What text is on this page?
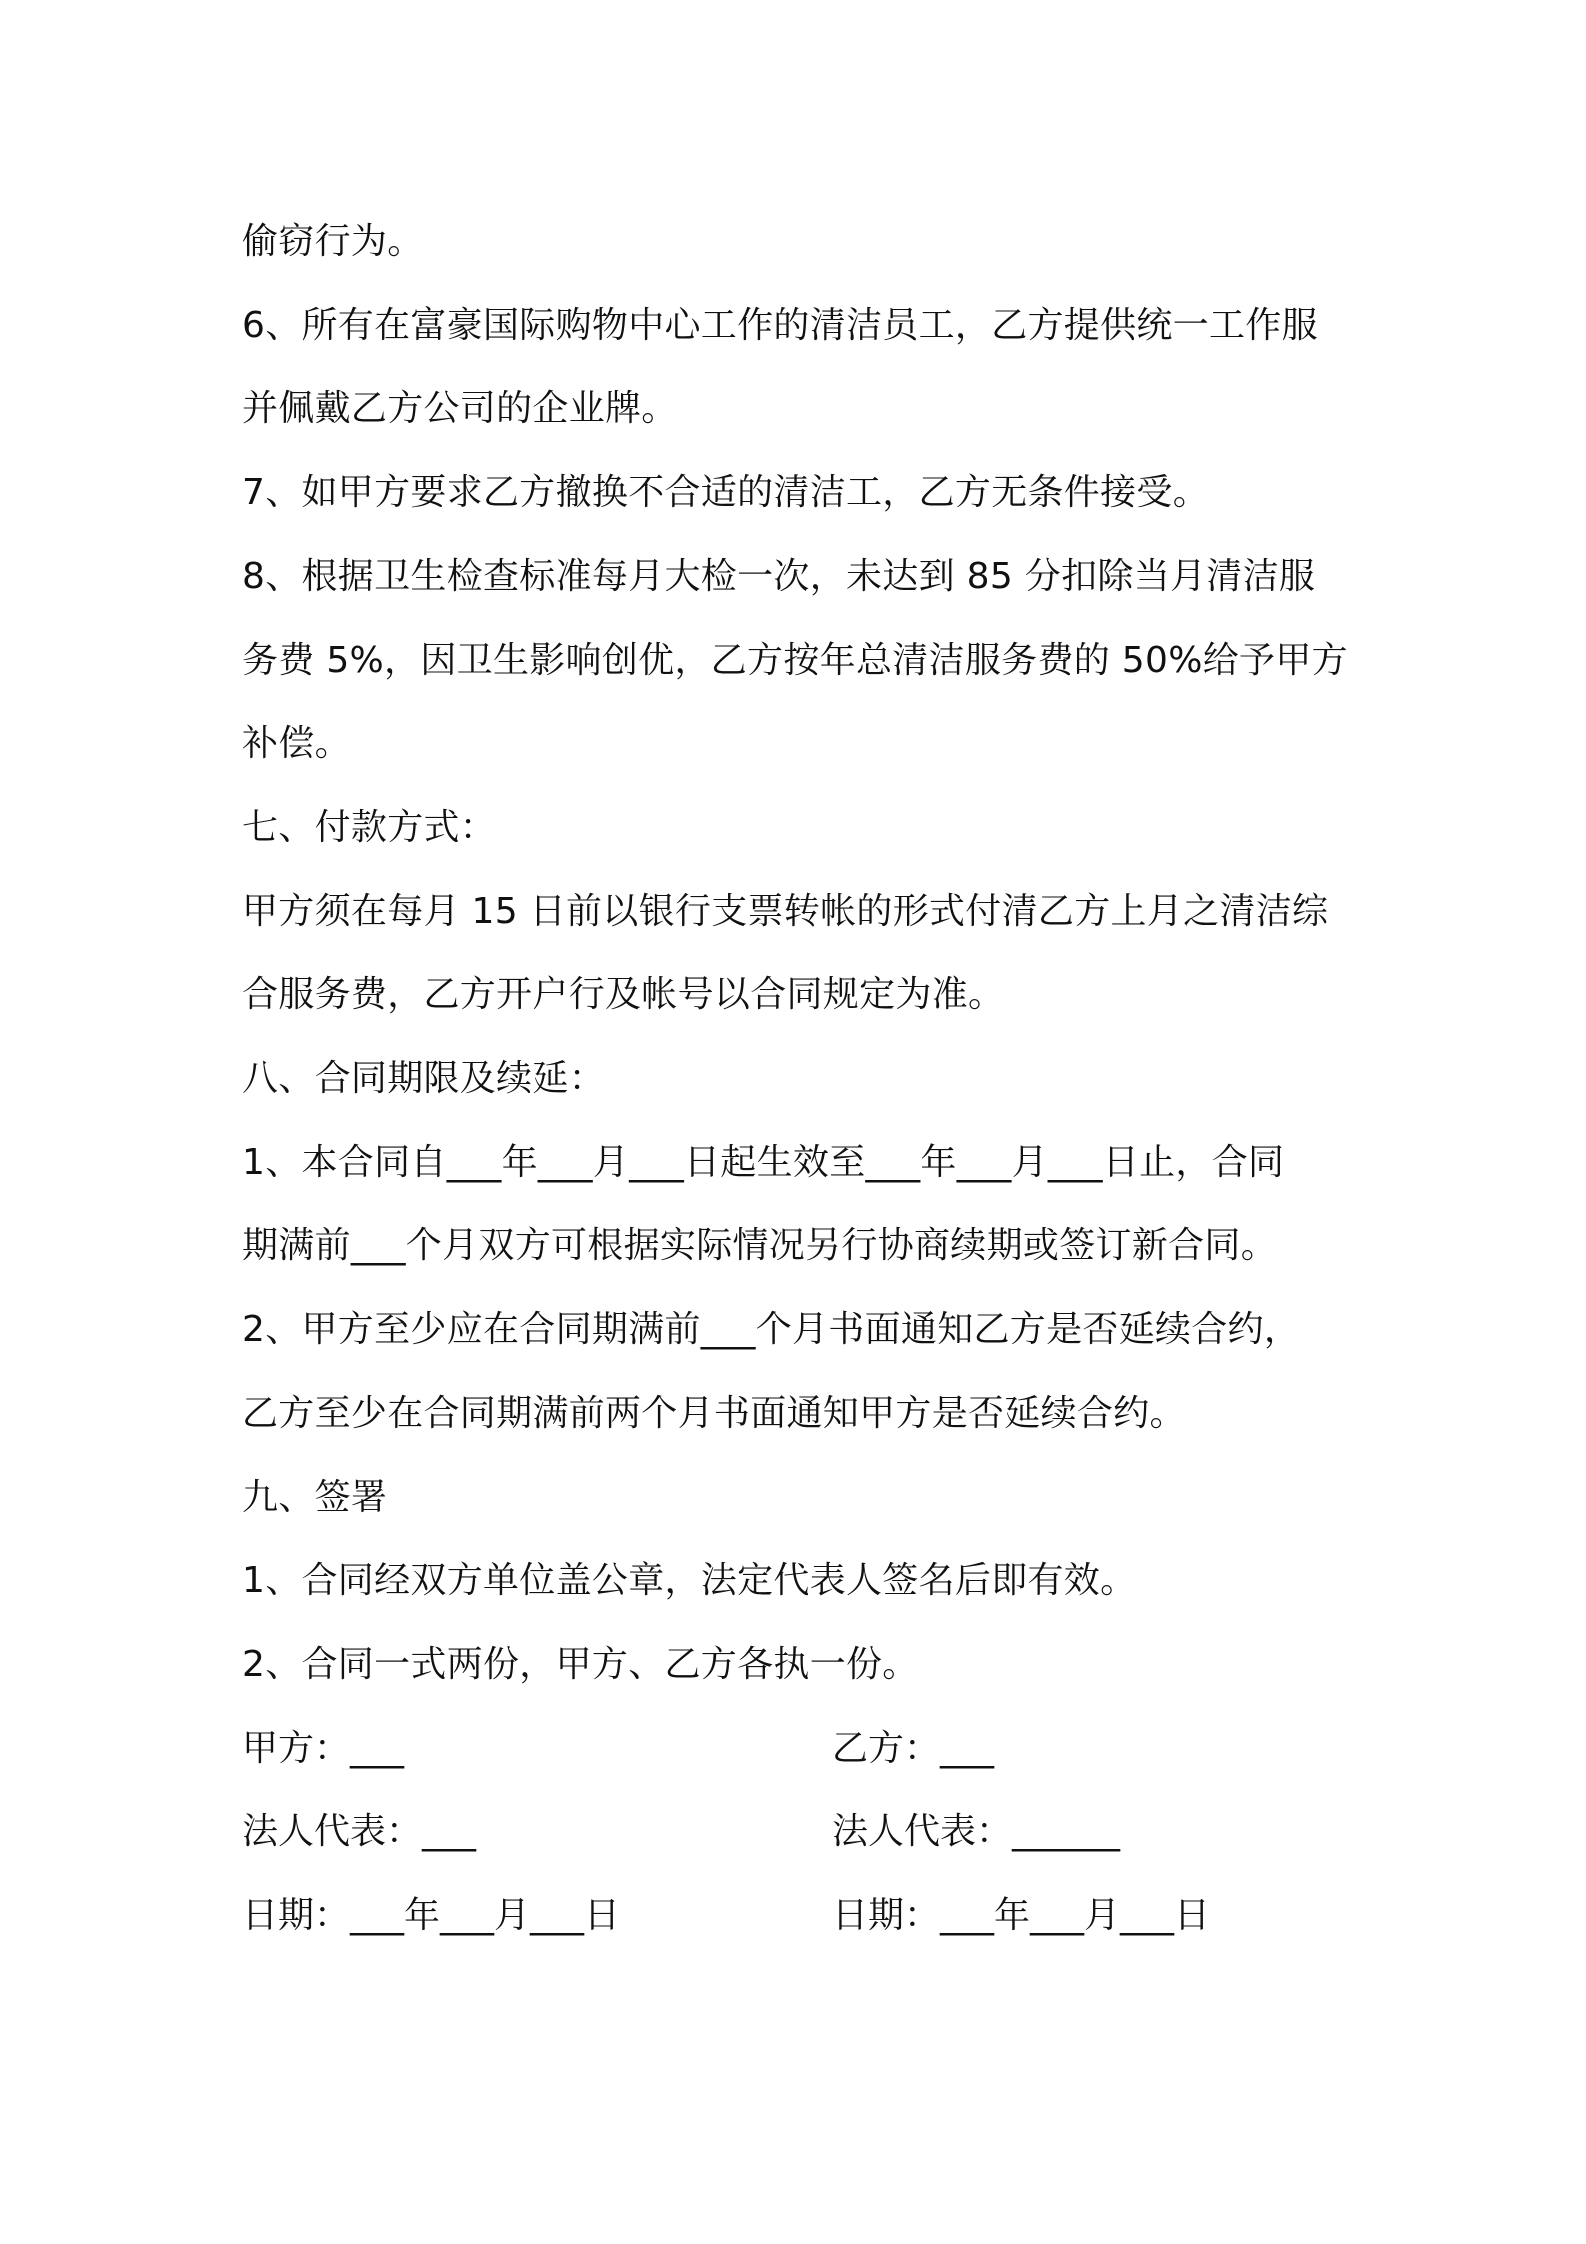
偷窃行为。

6、所有在富豪国际购物中心工作的清洁员工，乙方提供统一工作服

并佩戴乙方公司的企业牌。

7、如甲方要求乙方撤换不合适的清洁工，乙方无条件接受。

8、根据卫生检查标准每月大检一次，未达到 85 分扣除当月清洁服

务费 5%，因卫生影响创优，乙方按年总清洁服务费的 50%给予甲方

补偿。

七、付款方式：

甲方须在每月 15 日前以银行支票转帐的形式付清乙方上月之清洁综

合服务费，乙方开户行及帐号以合同规定为准。

八、合同期限及续延：

1、本合同自___年___月___日起生效至___年___月___日止，合同

期满前___个月双方可根据实际情况另行协商续期或签订新合同。

2、甲方至少应在合同期满前___个月书面通知乙方是否延续合约，

乙方至少在合同期满前两个月书面通知甲方是否延续合约。

九、签署

1、合同经双方单位盖公章，法定代表人签名后即有效。

2、合同一式两份，甲方、乙方各执一份。

甲方：___	乙方：___
法人代表：___	法人代表：______
日期：___年___月___日	日期：___年___月___日
